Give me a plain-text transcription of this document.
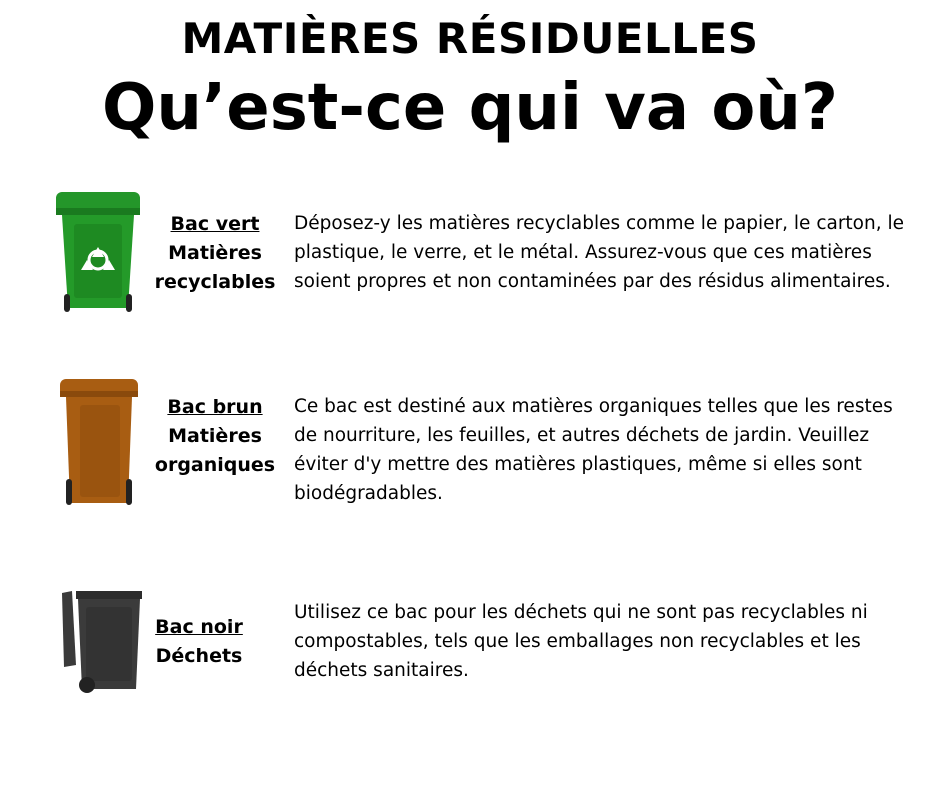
MATIÈRES RÉSIDUELLES
Qu’est-ce qui va où?
Bac vert
Matières
recyclables
Déposez-y les matières recyclables comme le papier, le carton, le plastique, le verre, et le métal. Assurez-vous que ces matières soient propres et non contaminées par des résidus alimentaires.
Bac brun
Matières
organiques
Ce bac est destiné aux matières organiques telles que les restes de nourriture, les feuilles, et autres déchets de jardin. Veuillez éviter d'y mettre des matières plastiques, même si elles sont biodégradables.
Bac noir
Déchets
Utilisez ce bac pour les déchets qui ne sont pas recyclables ni compostables, tels que les emballages non recyclables et les déchets sanitaires.
